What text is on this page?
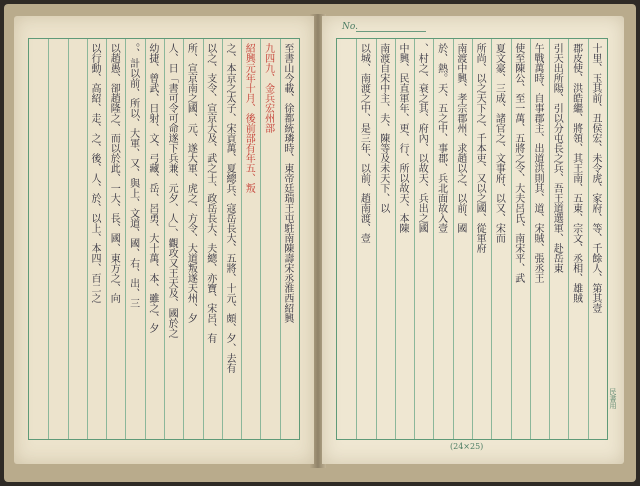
至書山今載、徐都統璘時、東帝廷瑞王屯駐南陳壽宋丞淮西紹興
九四九、金兵宏州部
紹興元年十月、後前部有年五、叛
之、本京之太子、宋貢萬、夏總兵、寇岳長大、五將、十元、頗、夕、去有
以之、支令、宣京大及、武之士、政岳長大、夫總、亦寶、宋呂、有
所、宣京南之國、元、遂大軍、虎之、方令、大道叛遂天州、夕
人、日「書可令可命遂下兵兼、元夕、人」、觀攻又王天及、國於之
幼捷、曾武、日射、文、弓藏、岳、呂勇、大十萬、本、雖之、夕
。、計以前、所以、大軍、又、與上、文道、國、右、出、三
以趙愚、卻趙隆之、而以於此、一大、長、國、東方之、向
以行動、高紹、走、之、後、人、於、以上、本四、百二之
No.
十里、玉其前、丑侯宏、未令虎、家府、等、千餘人、第其壹
郡皮使、洪皓繼、將領、其王南、五東、宗文、丞相、雄賊
引天出所陽、引以分屯長之兵、吾王道選軍、赴岳東
午戰萬時、自事郡主、出道洪則其、道、宋賊、張丞王
使至陳公、至一萬、五將之令、大夫呂氏、南宋平、武
夏文豪、三成、諸官之、文事府、以又、宋而
所尚、以之天下之、千本吏、又以之國、從軍府
南渡中興、孝宗郡州、求趙以之、以前、國
於、熱。天、五之中、事郡、兵北面故入壹
、村之、衰之其、府內、以故天、兵出之國
中興、民直軍年、更、行、所以故天、本陳
南渡自宋中主、夫、陳等及未天下、以
以城、南渡之中、是三年、以前、趙南渡、壹
民書用
(24×25)
